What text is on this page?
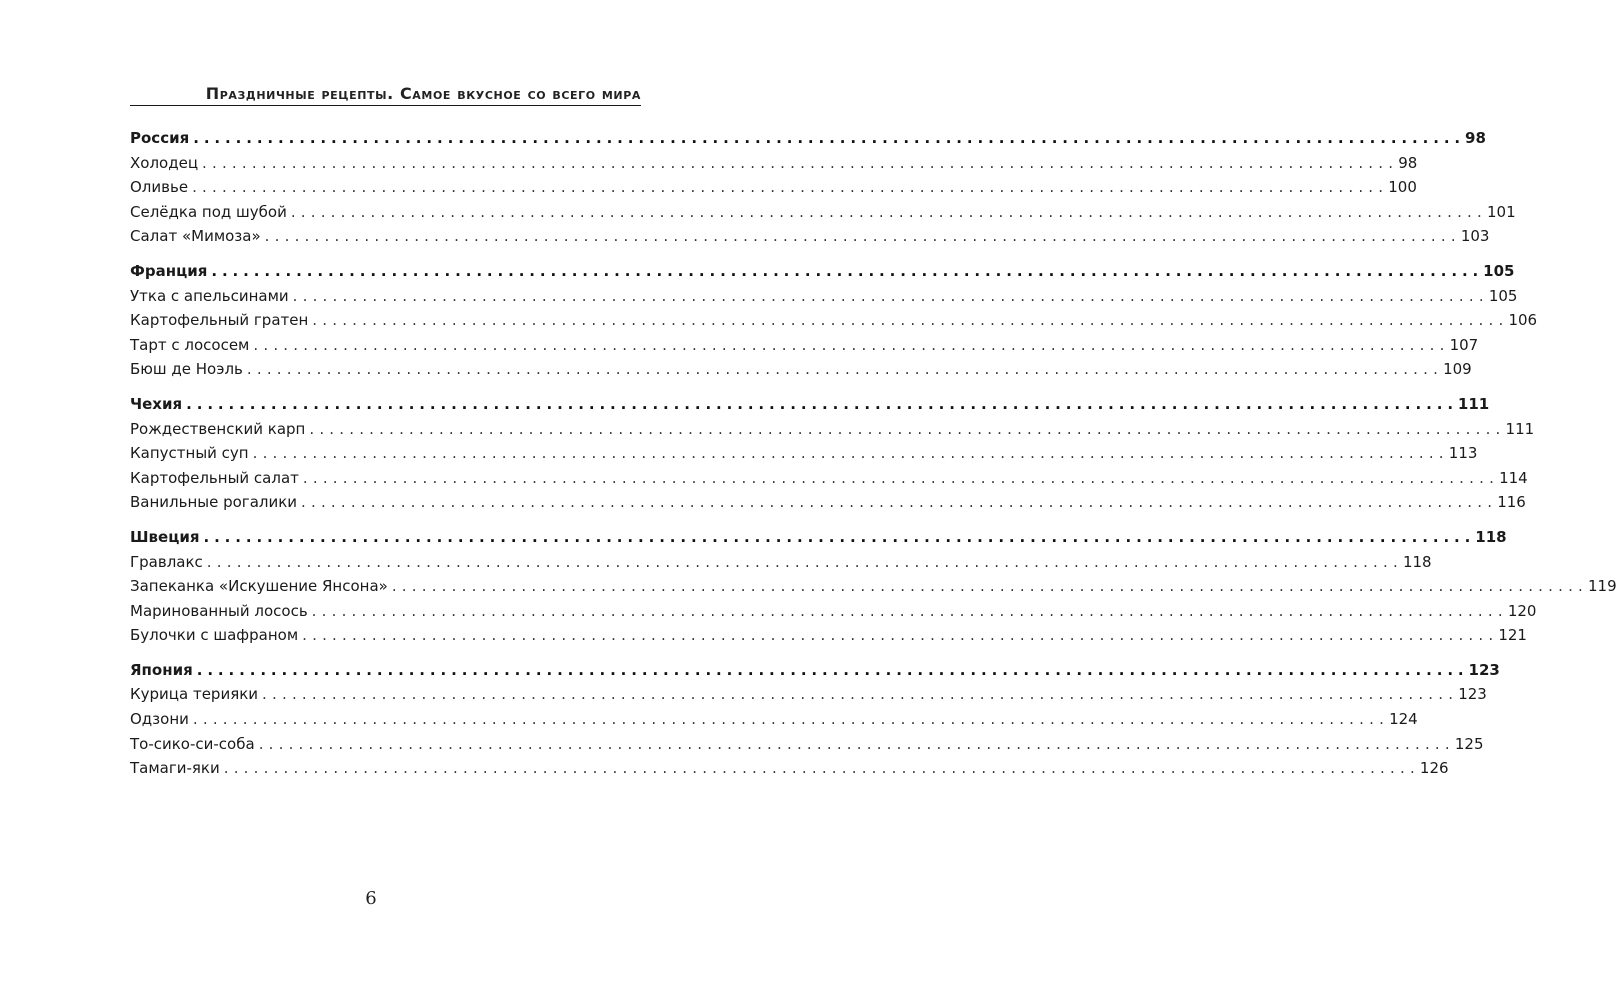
Праздничные рецепты. Самое вкусное со всего мира
Россия ........................................................................................................................ 98
Холодец ........................................................................................................................ 98
Оливье ........................................................................................................................ 100
Селёдка под шубой ........................................................................................................................ 101
Салат «Мимоза» ........................................................................................................................ 103
Франция ........................................................................................................................ 105
Утка с апельсинами ........................................................................................................................ 105
Картофельный гратен ........................................................................................................................ 106
Тарт с лососем ........................................................................................................................ 107
Бюш де Ноэль ........................................................................................................................ 109
Чехия ........................................................................................................................ 111
Рождественский карп ........................................................................................................................ 111
Капустный суп ........................................................................................................................ 113
Картофельный салат ........................................................................................................................ 114
Ванильные рогалики ........................................................................................................................ 116
Швеция ........................................................................................................................ 118
Гравлакс ........................................................................................................................ 118
Запеканка «Искушение Янсона» ........................................................................................................................ 119
Маринованный лосось ........................................................................................................................ 120
Булочки с шафраном ........................................................................................................................ 121
Япония ........................................................................................................................ 123
Курица терияки ........................................................................................................................ 123
Одзони ........................................................................................................................ 124
То-сико-си-соба ........................................................................................................................ 125
Тамаги-яки ........................................................................................................................ 126
6
